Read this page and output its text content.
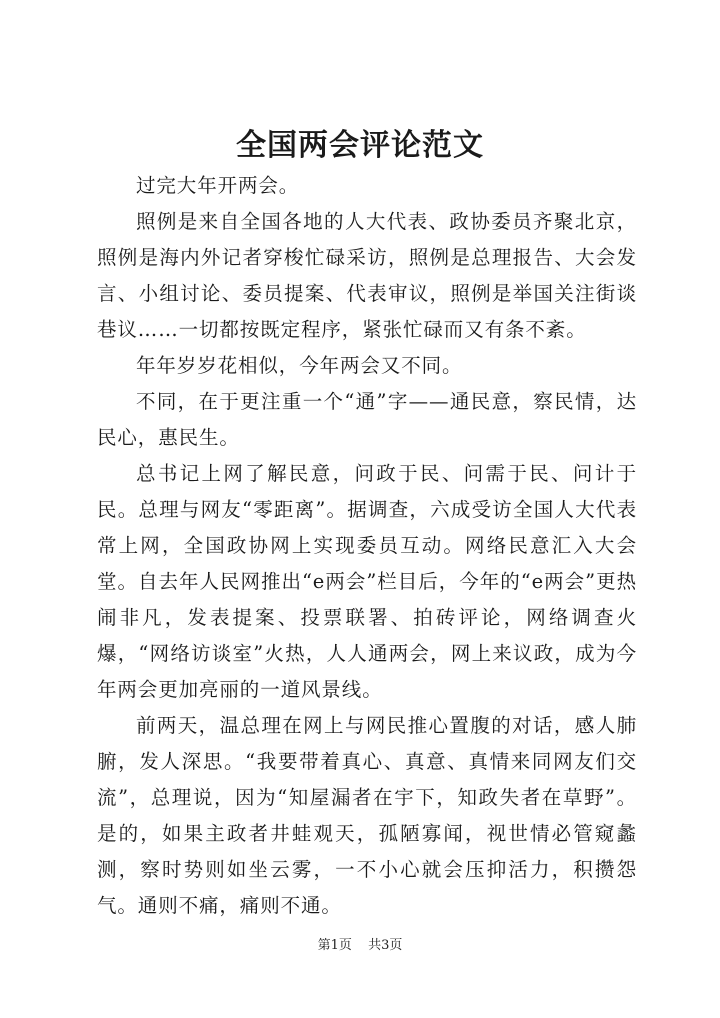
全国两会评论范文

过完大年开两会。

照例是来自全国各地的人大代表、政协委员齐聚北京，照例是海内外记者穿梭忙碌采访，照例是总理报告、大会发言、小组讨论、委员提案、代表审议，照例是举国关注街谈巷议……一切都按既定程序，紧张忙碌而又有条不紊。

年年岁岁花相似，今年两会又不同。

不同，在于更注重一个“通”字——通民意，察民情，达民心，惠民生。

总书记上网了解民意，问政于民、问需于民、问计于民。总理与网友“零距离”。据调查，六成受访全国人大代表常上网，全国政协网上实现委员互动。网络民意汇入大会堂。自去年人民网推出“e两会”栏目后，今年的“e两会”更热闹非凡，发表提案、投票联署、拍砖评论，网络调查火爆，“网络访谈室”火热，人人通两会，网上来议政，成为今年两会更加亮丽的一道风景线。

前两天，温总理在网上与网民推心置腹的对话，感人肺腑，发人深思。“我要带着真心、真意、真情来同网友们交流”，总理说，因为“知屋漏者在宇下，知政失者在草野”。是的，如果主政者井蛙观天，孤陋寡闻，视世情必管窥蠡测，察时势则如坐云雾，一不小心就会压抑活力，积攒怨气。通则不痛，痛则不通。

第1页 共3页
